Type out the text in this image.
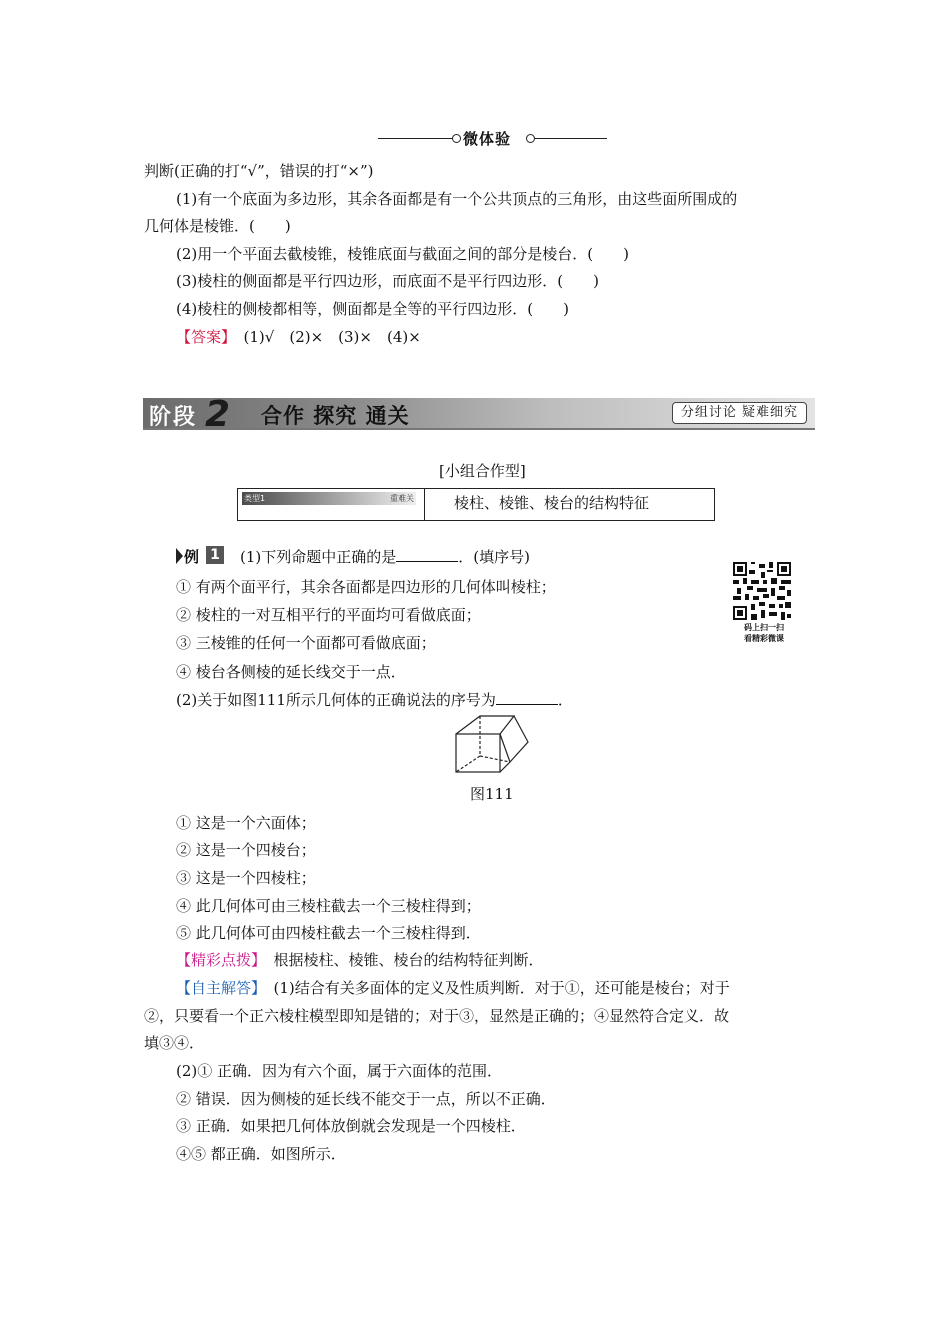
微体验
判断(正确的打“√”，错误的打“×”)
(1)有一个底面为多边形，其余各面都是有一个公共顶点的三角形，由这些面所围成的
几何体是棱锥．(　　)
(2)用一个平面去截棱锥，棱锥底面与截面之间的部分是棱台．(　　)
(3)棱柱的侧面都是平行四边形，而底面不是平行四边形．(　　)
(4)棱柱的侧棱都相等，侧面都是全等的平行四边形．(　　)
【答案】　 (1)√　(2)×　(3)×　(4)×
阶段 2	合作 探究 通关	分组讨论 疑难细究
[小组合作型]
类型1	重难关	棱柱、棱锥、棱台的结构特征
例 1 (1)下列命题中正确的是	．(填序号)
① 有两个面平行，其余各面都是四边形的几何体叫棱柱；
② 棱柱的一对互相平行的平面均可看做底面；
③ 三棱锥的任何一个面都可看做底面；
④ 棱台各侧棱的延长线交于一点．
(2)关于如图111所示几何体的正确说法的序号为	．
码上扫一扫
看精彩微课
图111
① 这是一个六面体；
② 这是一个四棱台；
③ 这是一个四棱柱；
④ 此几何体可由三棱柱截去一个三棱柱得到；
⑤ 此几何体可由四棱柱截去一个三棱柱得到．
【精彩点拨】　 根据棱柱、棱锥、棱台的结构特征判断．
【自主解答】　 (1)结合有关多面体的定义及性质判断．对于①，还可能是棱台；对于
②，只要看一个正六棱柱模型即知是错的；对于③，显然是正确的；④显然符合定义．故
填③④．
(2)① 正确．因为有六个面，属于六面体的范围．
② 错误．因为侧棱的延长线不能交于一点，所以不正确．
③ 正确．如果把几何体放倒就会发现是一个四棱柱．
④⑤ 都正确．如图所示．
